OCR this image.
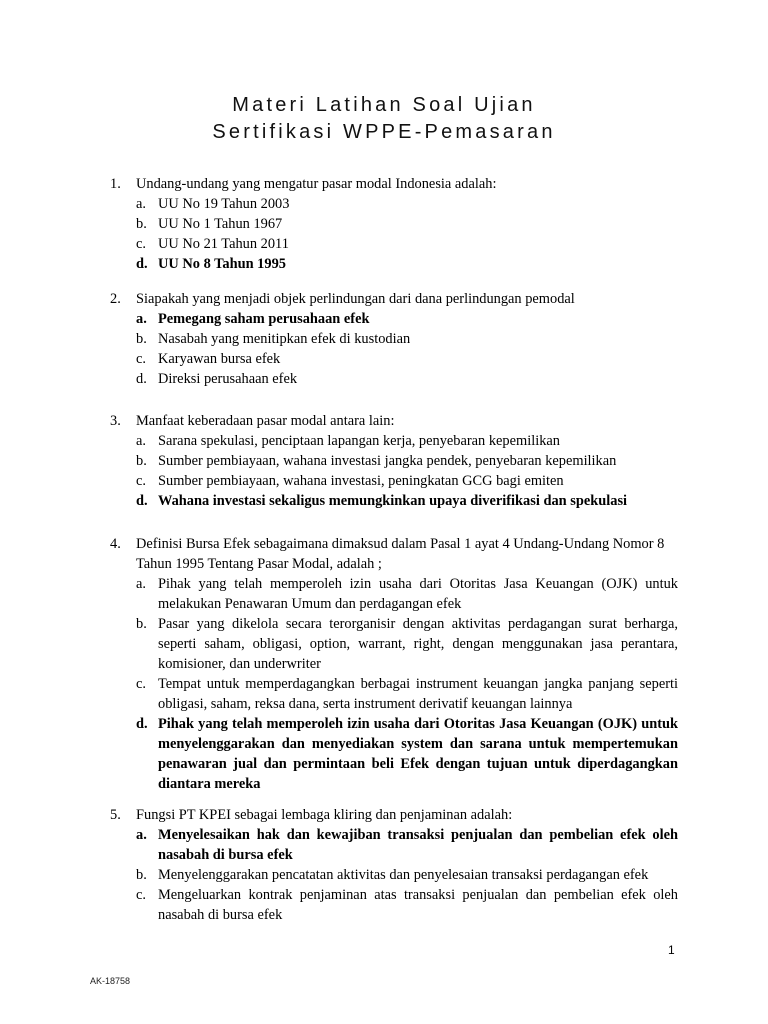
Materi Latihan Soal Ujian
Sertifikasi WPPE-Pemasaran
1.	Undang-undang yang mengatur pasar modal Indonesia adalah:
a. UU No 19 Tahun 2003
b. UU No 1 Tahun 1967
c. UU No 21 Tahun 2011
d. UU No 8 Tahun 1995
2.	Siapakah yang menjadi objek perlindungan dari dana perlindungan pemodal
a. Pemegang saham perusahaan efek
b. Nasabah yang menitipkan efek di kustodian
c. Karyawan bursa efek
d. Direksi perusahaan efek
3.	Manfaat keberadaan pasar modal antara lain:
a. Sarana spekulasi, penciptaan lapangan kerja, penyebaran kepemilikan
b. Sumber pembiayaan, wahana investasi jangka pendek, penyebaran kepemilikan
c. Sumber pembiayaan, wahana investasi, peningkatan GCG bagi emiten
d. Wahana investasi sekaligus memungkinkan upaya diverifikasi dan spekulasi
4.	Definisi Bursa Efek sebagaimana dimaksud dalam Pasal 1 ayat 4 Undang-Undang Nomor 8 Tahun 1995 Tentang Pasar Modal, adalah ;
a. Pihak yang telah memperoleh izin usaha dari Otoritas Jasa Keuangan (OJK) untuk melakukan Penawaran Umum dan perdagangan efek
b. Pasar yang dikelola secara terorganisir dengan aktivitas perdagangan surat berharga, seperti saham, obligasi, option, warrant, right, dengan menggunakan jasa perantara, komisioner, dan underwriter
c. Tempat untuk memperdagangkan berbagai instrument keuangan jangka panjang seperti obligasi, saham, reksa dana, serta instrument derivatif keuangan lainnya
d. Pihak yang telah memperoleh izin usaha dari Otoritas Jasa Keuangan (OJK) untuk menyelenggarakan dan menyediakan system dan sarana untuk mempertemukan penawaran jual dan permintaan beli Efek dengan tujuan untuk diperdagangkan diantara mereka
5.	Fungsi PT KPEI sebagai lembaga kliring dan penjaminan adalah:
a. Menyelesaikan hak dan kewajiban transaksi penjualan dan pembelian efek oleh nasabah di bursa efek
b. Menyelenggarakan pencatatan aktivitas dan penyelesaian transaksi perdagangan efek
c. Mengeluarkan kontrak penjaminan atas transaksi penjualan dan pembelian efek oleh nasabah di bursa efek
1
AK-18758
